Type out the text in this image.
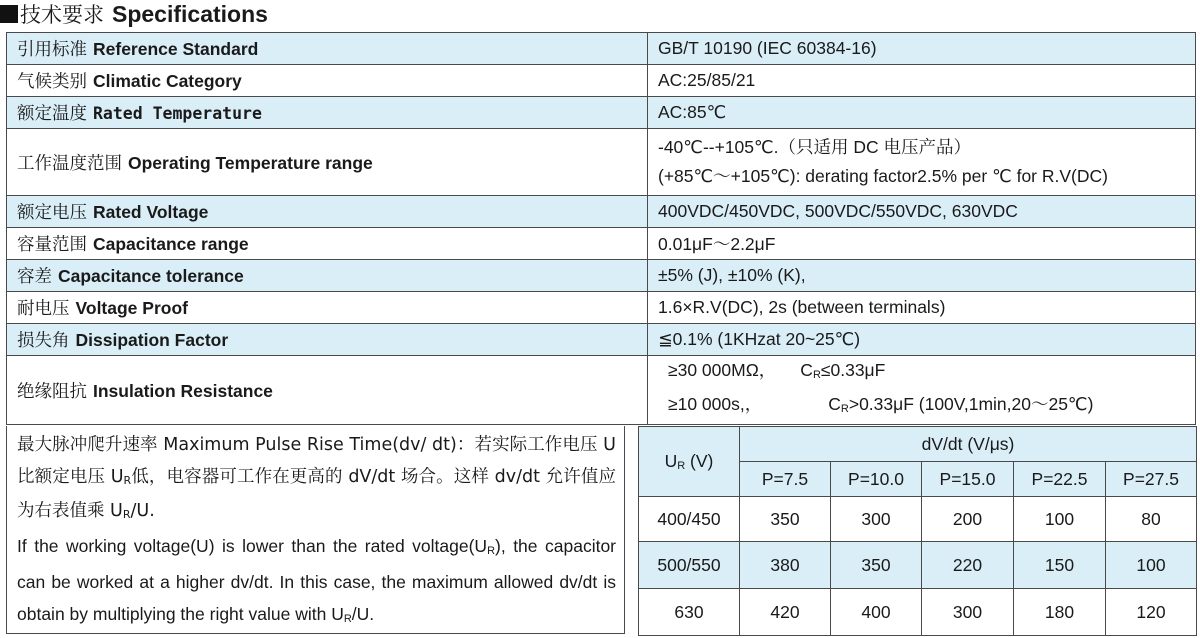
技术要求 Specifications
引用标准 Reference Standard	GB/T 10190 (IEC 60384-16)
气候类别 Climatic Category	AC:25/85/21
额定温度 Rated Temperature	AC:85℃
工作温度范围 Operating Temperature range	-40℃--+105℃.（只适用 DC 电压产品）
(+85℃～+105℃): derating factor2.5% per ℃ for R.V(DC)

额定电压 Rated Voltage	400VDC/450VDC, 500VDC/550VDC, 630VDC
容量范围 Capacitance range	0.01μF～2.2μF
容差 Capacitance tolerance	±5% (J), ±10% (K),
耐电压 Voltage Proof	1.6×R.V(DC), 2s (between terminals)
损失角 Dissipation Factor	≦0.1% (1KHzat 20~25℃)
绝缘阻抗 Insulation Resistance	≥30 000MΩ， $C_R\le 0.33\mu F$
≥10 000s,， $C_R>0.33\mu F$ (100V,1min,20～25℃)

最大脉冲爬升速率 Maximum Pulse Rise Time(dv/ dt)：若实际工作电压 U 比额定电压 $U_R$低，电容器可工作在更高的 dV/dt 场合。这样 dv/dt 允许值应为右表值乘 $U_R/U$.

If the working voltage(U) is lower than the rated $voltage(U_R)$, the capacitor can be worked at a higher dv/dt. In this case, the maximum allowed dv/dt is obtain by multiplying the right value with $U_R/U$.

$U_R$ (V)	dV/dt (V/μs)				
	P=7.5	P=10.0	P=15.0	P=22.5	P=27.5
400/450	350	300	200	100	80
500/550	380	350	220	150	100
630	420	400	300	180	120
